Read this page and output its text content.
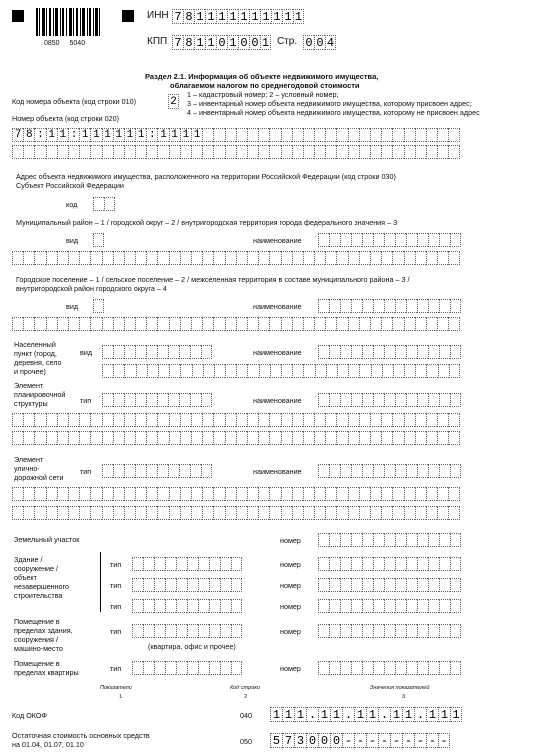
0850 5040
ИНН 7 8 1 1 1 1 1 1 1 1 1 1
КПП 7 8 1 1 0 1 0 0 1 Стр. 0 0 4
Раздел 2.1. Информация об объекте недвижимого имущества,
облагаемом налогом по среднегодовой стоимости
Код номера объекта (код строки 010)	2
1 – кадастровый номер; 2 – условный номер;
3 – инвентарный номер объекта недвижимого имущества, которому присвоен адрес;
4 – инвентарный номер объекта недвижимого имущества, которому не присвоен адрес
Номер объекта (код строки 020)
7 8 : 1 1 : 1 1 1 1 1 1 : 1 1 1 1
Адрес объекта недвижимого имущества, расположенного на территории Российской Федерации (код строки 030)
Субъект Российской Федерации
код
Муниципальный район – 1 / городской округ – 2 / внутригородская территория города федерального значения – 3
вид	наименование
Городское поселение – 1 / сельское поселение – 2 / межселенная территория в составе муниципального района – 3 /
внутригородской район городского округа – 4
вид	наименование
Населенный
пункт (город,
деревня, село
и прочее)
вид	наименование
Элемент
планировочной
структуры	тип	наименование
Элемент
улично-
дорожной сети
тип	наименование
Земельный участок	номер
Здание /
сооружение /
объект
незавершенного
строительства
тип	номер
тип	номер
тип	номер
Помещение в
пределах здания,
сооружения /
машино-место
тип
(квартира, офис и прочее)
номер
Помещение в
пределах квартиры	тип	номер
Показатели	Код строки	Значения показателей
1	2	3
Код ОКОФ	040 1 1 1 . 1 1 . 1 1 . 1 1 . 1 1 1
Остаточная стоимость основных средств
на 01.04, 01.07, 01.10	050 5 7 3 0 0 0 - - - - - - - - -
